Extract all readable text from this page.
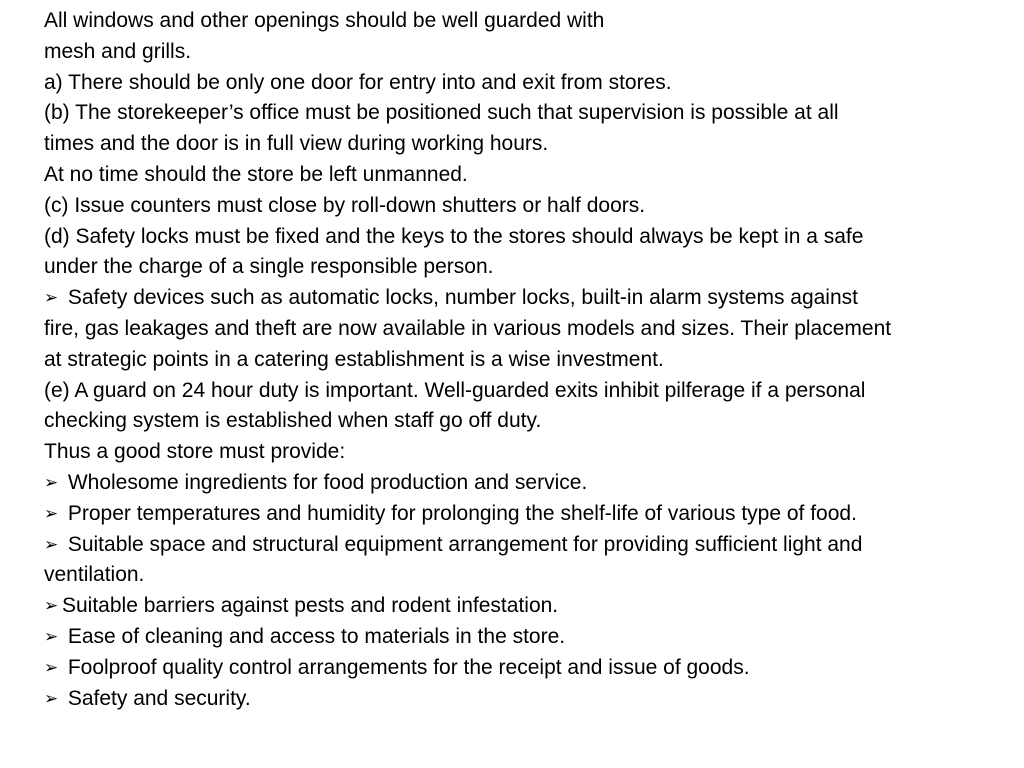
All windows and other openings should be well guarded with
mesh and grills.
a) There should be only one door for entry into and exit from stores.
(b) The storekeeper’s office must be positioned such that supervision is possible at all
times and the door is in full view during working hours.
At no time should the store be left unmanned.
(c) Issue counters must close by roll-down shutters or half doors.
(d) Safety locks must be fixed and the keys to the stores should always be kept in a safe
under the charge of a single responsible person.
➢ Safety devices such as automatic locks, number locks, built-in alarm systems against
fire, gas leakages and theft are now available in various models and sizes. Their placement
at strategic points in a catering establishment is a wise investment.
(e) A guard on 24 hour duty is important. Well-guarded exits inhibit pilferage if a personal
checking system is established when staff go off duty.
Thus a good store must provide:
➢ Wholesome ingredients for food production and service.
➢ Proper temperatures and humidity for prolonging the shelf-life of various type of food.
➢ Suitable space and structural equipment arrangement for providing sufficient light and
ventilation.
➢ Suitable barriers against pests and rodent infestation.
➢ Ease of cleaning and access to materials in the store.
➢ Foolproof quality control arrangements for the receipt and issue of goods.
➢ Safety and security.
